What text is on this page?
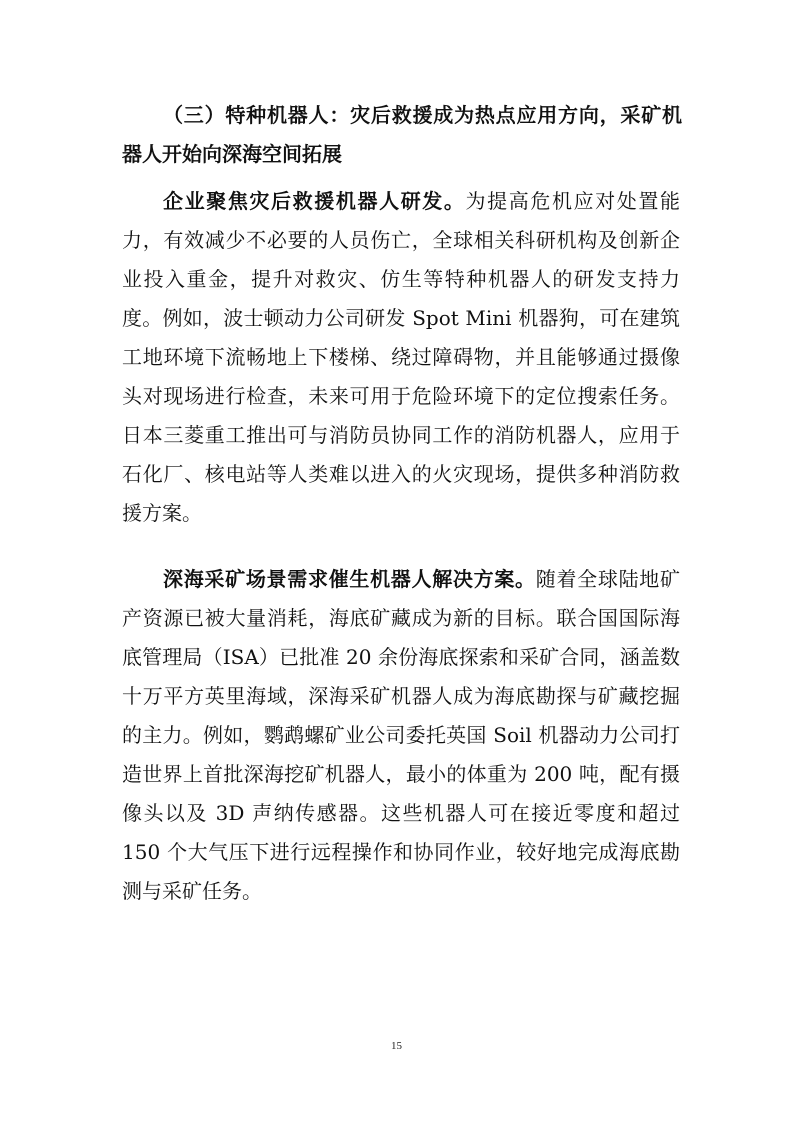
（三）特种机器人：灾后救援成为热点应用方向，采矿机器人开始向深海空间拓展

企业聚焦灾后救援机器人研发。为提高危机应对处置能力，有效减少不必要的人员伤亡，全球相关科研机构及创新企业投入重金，提升对救灾、仿生等特种机器人的研发支持力度。例如，波士顿动力公司研发 Spot Mini 机器狗，可在建筑工地环境下流畅地上下楼梯、绕过障碍物，并且能够通过摄像头对现场进行检查，未来可用于危险环境下的定位搜索任务。日本三菱重工推出可与消防员协同工作的消防机器人，应用于石化厂、核电站等人类难以进入的火灾现场，提供多种消防救援方案。

深海采矿场景需求催生机器人解决方案。随着全球陆地矿产资源已被大量消耗，海底矿藏成为新的目标。联合国国际海底管理局（ISA）已批准 20 余份海底探索和采矿合同，涵盖数十万平方英里海域，深海采矿机器人成为海底勘探与矿藏挖掘的主力。例如，鹦鹉螺矿业公司委托英国 Soil 机器动力公司打造世界上首批深海挖矿机器人，最小的体重为 200 吨，配有摄像头以及 3D 声纳传感器。这些机器人可在接近零度和超过 150 个大气压下进行远程操作和协同作业，较好地完成海底勘测与采矿任务。

15
